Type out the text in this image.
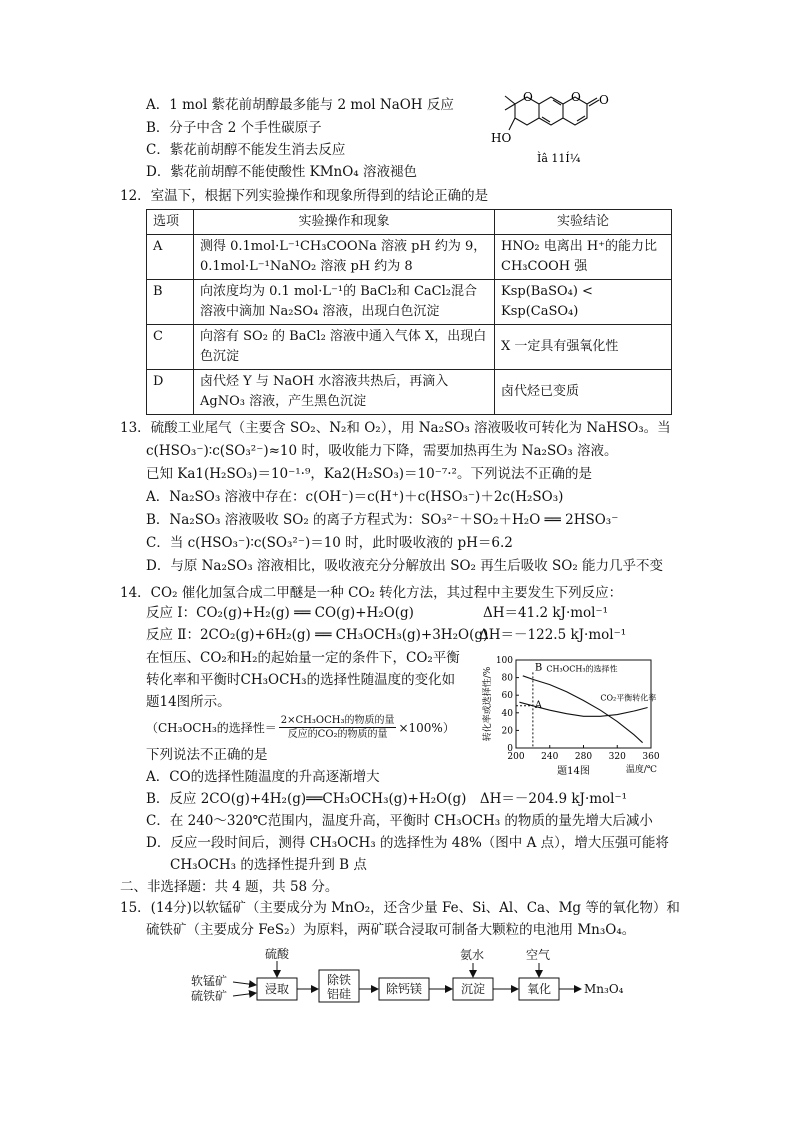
A．1 mol 紫花前胡醇最多能与 2 mol NaOH 反应
B．分子中含 2 个手性碳原子
C．紫花前胡醇不能发生消去反应
D．紫花前胡醇不能使酸性 KMnO₄ 溶液褪色
O	O O
HO
Ìâ 11Í¼
12．室温下，根据下列实验操作和现象所得到的结论正确的是
选项	实验操作和现象	实验结论
A	测得 0.1mol·L⁻¹CH₃COONa 溶液 pH 约为 9，0.1mol·L⁻¹NaNO₂ 溶液 pH 约为 8	HNO₂ 电离出 H⁺的能力比 CH₃COOH 强
B	向浓度均为 0.1 mol·L⁻¹的 BaCl₂和 CaCl₂混合溶液中滴加 Na₂SO₄ 溶液，出现白色沉淀	Ksp(BaSO₄) < Ksp(CaSO₄)
C	向溶有 SO₂ 的 BaCl₂ 溶液中通入气体 X，出现白色沉淀	X 一定具有强氧化性
D	卤代烃 Y 与 NaOH 水溶液共热后，再滴入 AgNO₃ 溶液，产生黑色沉淀	卤代烃已变质
13．硫酸工业尾气（主要含 SO₂、N₂和 O₂），用 Na₂SO₃ 溶液吸收可转化为 NaHSO₃。当
c(HSO₃⁻)∶c(SO₃²⁻)≈10 时，吸收能力下降，需要加热再生为 Na₂SO₃ 溶液。
已知 Ka1(H₂SO₃)＝10⁻¹·⁹，Ka2(H₂SO₃)＝10⁻⁷·²。下列说法不正确的是
A．Na₂SO₃ 溶液中存在：c(OH⁻)＝c(H⁺)＋c(HSO₃⁻)＋2c(H₂SO₃)
B．Na₂SO₃ 溶液吸收 SO₂ 的离子方程式为：SO₃²⁻＋SO₂＋H₂O ══ 2HSO₃⁻
C．当 c(HSO₃⁻)∶c(SO₃²⁻)＝10 时，此时吸收液的 pH＝6.2
D．与原 Na₂SO₃ 溶液相比，吸收液充分分解放出 SO₂ 再生后吸收 SO₂ 能力几乎不变
14．CO₂ 催化加氢合成二甲醚是一种 CO₂ 转化方法，其过程中主要发生下列反应：
反应 Ⅰ：CO₂(g)+H₂(g) ══ CO(g)+H₂O(g)	ΔH＝41.2 kJ·mol⁻¹
反应 Ⅱ：2CO₂(g)+6H₂(g) ══ CH₃OCH₃(g)+3H₂O(g)
ΔH＝－122.5 kJ·mol⁻¹
在恒压、CO₂和H₂的起始量一定的条件下，CO₂平衡
转化率和平衡时CH₃OCH₃的选择性随温度的变化如
题14图所示。
（CH₃OCH₃的选择性＝
2×CH₃OCH₃的物质的量
反应的CO₂的物质的量 ×100%）
下列说法不正确的是
A．CO的选择性随温度的升高逐渐增大
B．反应 2CO(g)+4H₂(g)══CH₃OCH₃(g)+H₂O(g)　ΔH＝－204.9 kJ·mol⁻¹
C．在 240～320℃范围内，温度升高，平衡时 CH₃OCH₃ 的物质的量先增大后减小
D．反应一段时间后，测得 CH₃OCH₃ 的选择性为 48%（图中 A 点），增大压强可能将
CH₃OCH₃ 的选择性提升到 B 点
200 240 280 320 360
0
20
40
60
80
100
转化率或选择性/%
温度/℃
题14图
CH₃OCH₃的选择性
CO₂平衡转化率
A
B
二、非选择题：共 4 题，共 58 分。
15．(14分)以软锰矿（主要成分为 MnO₂，还含少量 Fe、Si、Al、Ca、Mg 等的氧化物）和
硫铁矿（主要成分 FeS₂）为原料，两矿联合浸取可制备大颗粒的电池用 Mn₃O₄。
软锰矿
硫铁矿
硫酸	氨水	空气
浸取
除铁
铝硅	除钙镁	沉淀	氧化	Mn₃O₄
